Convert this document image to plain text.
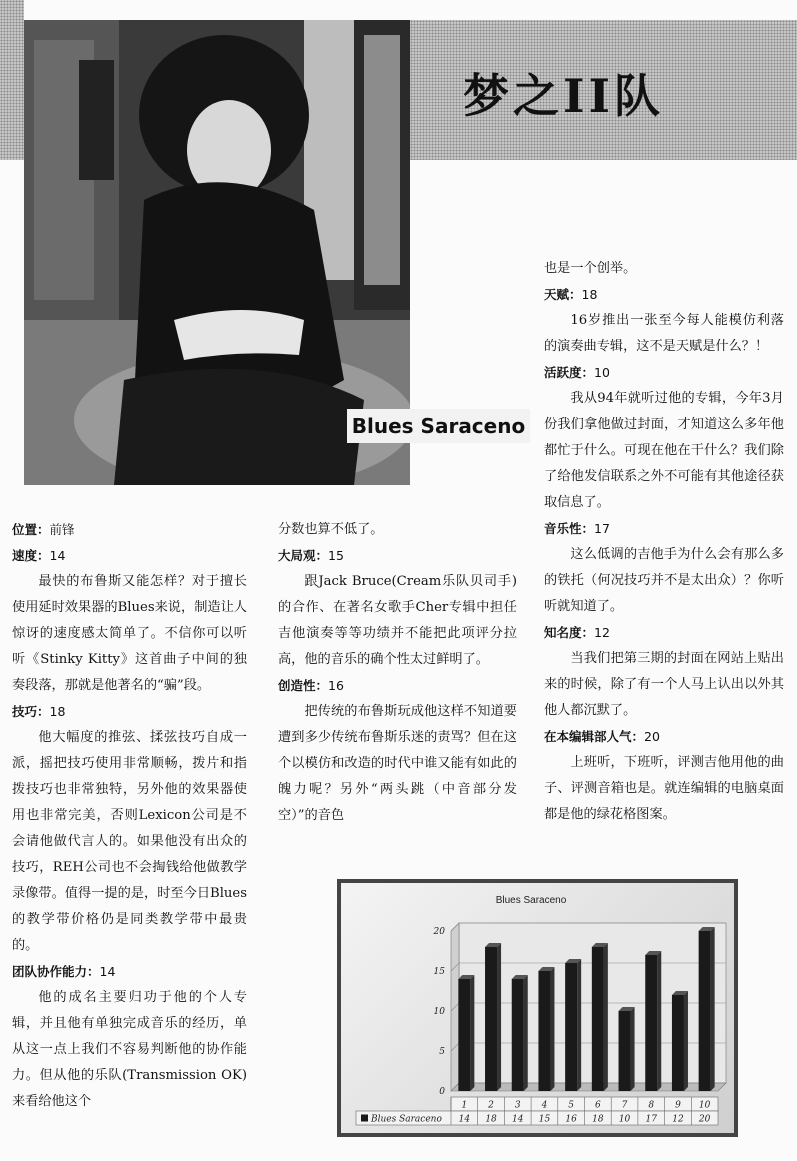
梦之II队
Blues Saraceno
位置：前锋
速度：14

最快的布鲁斯又能怎样？对于擅长使用延时效果器的Blues来说，制造让人惊讶的速度感太简单了。不信你可以听听《Stinky Kitty》这首曲子中间的独奏段落，那就是他著名的“骗”段。

技巧：18

他大幅度的推弦、揉弦技巧自成一派，摇把技巧使用非常顺畅，拨片和指拨技巧也非常独特，另外他的效果器使用也非常完美，否则Lexicon公司是不会请他做代言人的。如果他没有出众的技巧，REH公司也不会掏钱给他做教学录像带。值得一提的是，时至今日Blues的教学带价格仍是同类教学带中最贵的。

团队协作能力：14

他的成名主要归功于他的个人专辑，并且他有单独完成音乐的经历，单从这一点上我们不容易判断他的协作能力。但从他的乐队(Transmission OK)来看给他这个

分数也算不低了。

大局观：15

跟Jack Bruce(Cream乐队贝司手)的合作、在著名女歌手Cher专辑中担任吉他演奏等等功绩并不能把此项评分拉高，他的音乐的确个性太过鲜明了。

创造性：16

把传统的布鲁斯玩成他这样不知道要遭到多少传统布鲁斯乐迷的责骂？但在这个以模仿和改造的时代中谁又能有如此的魄力呢？另外“两头跳（中音部分发空）”的音色

也是一个创举。

天赋：18

16岁推出一张至今每人能模仿利落的演奏曲专辑，这不是天赋是什么？！

活跃度：10

我从94年就听过他的专辑，今年3月份我们拿他做过封面，才知道这么多年他都忙于什么。可现在他在干什么？我们除了给他发信联系之外不可能有其他途径获取信息了。

音乐性：17

这么低调的吉他手为什么会有那么多的铁托（何况技巧并不是太出众）？你听听就知道了。

知名度：12

当我们把第三期的封面在网站上贴出来的时候，除了有一个人马上认出以外其他人都沉默了。

在本编辑部人气：20

上班听，下班听，评测吉他用他的曲子、评测音箱也是。就连编辑的电脑桌面都是他的绿花格图案。

Blues Saraceno
0
5
10
15
20
1
14
2
18
3
14
4
15
5
16
6
18
7
10
8
17
9
12
10
20
Blues Saraceno
